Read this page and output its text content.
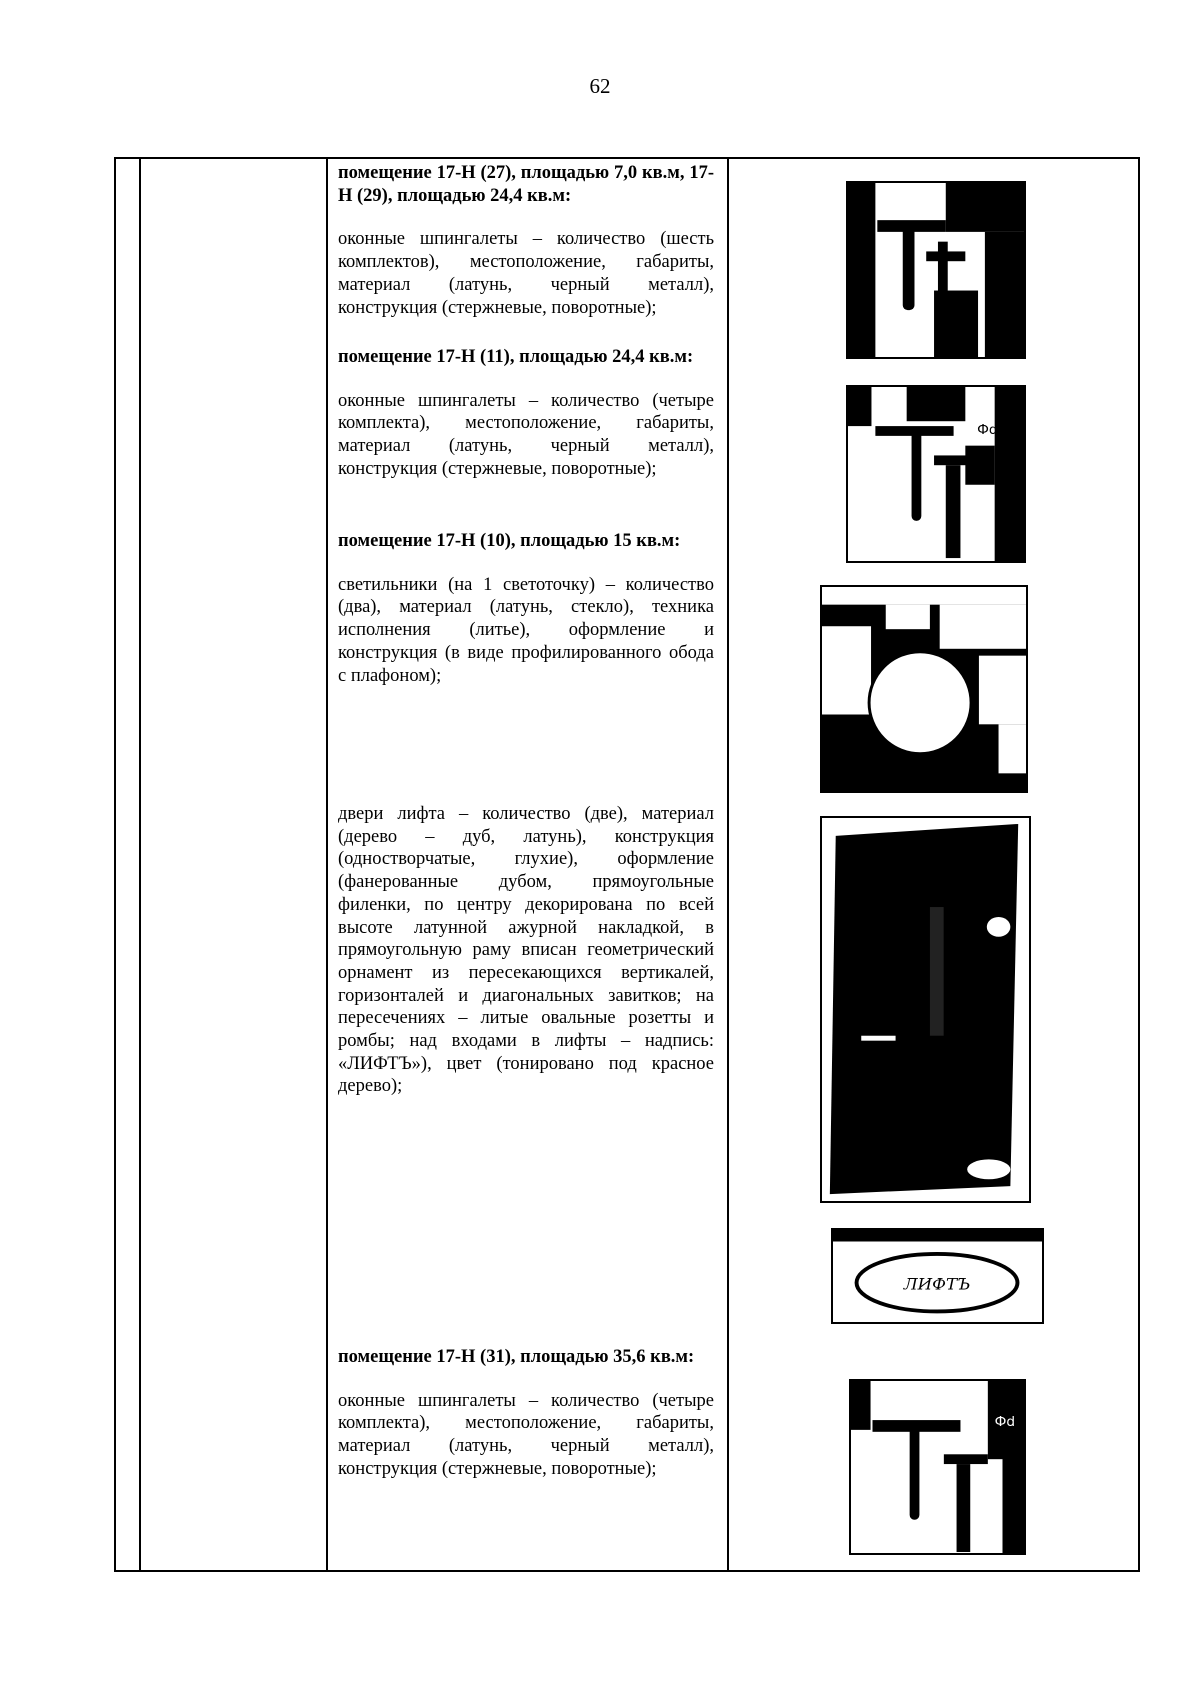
62

помещение 17-Н (27), площадью 7,0 кв.м, 17-Н (29), площадью 24,4 кв.м:

оконные шпингалеты – количество (шесть комплектов), местоположение, габариты, материал (латунь, черный металл), конструкция (стержневые, поворотные);

помещение 17-Н (11), площадью 24,4 кв.м:

оконные шпингалеты – количество (четыре комплекта), местоположение, габариты, материал (латунь, черный металл), конструкция (стержневые, поворотные);

помещение 17-Н (10), площадью 15 кв.м:

светильники (на 1 светоточку) – количество (два), материал (латунь, стекло), техника исполнения (литье), оформление и конструкция (в виде профилированного обода с плафоном);

двери лифта – количество (две), материал (дерево – дуб, латунь), конструкция (одностворчатые, глухие), оформление (фанерованные дубом, прямоугольные филенки, по центру декорирована по всей высоте латунной ажурной накладкой, в прямоугольную раму вписан геометрический орнамент из пересекающихся вертикалей, горизонталей и диагональных завитков; на пересечениях – литые овальные розетты и ромбы; над входами в лифты – надпись: «ЛИФТЪ»), цвет (тонировано под красное дерево);

помещение 17-Н (31), площадью 35,6 кв.м:

оконные шпингалеты – количество (четыре комплекта), местоположение, габариты, материал (латунь, черный металл), конструкция (стержневые, поворотные);

Фd
ЛИФТЪ
Фd
